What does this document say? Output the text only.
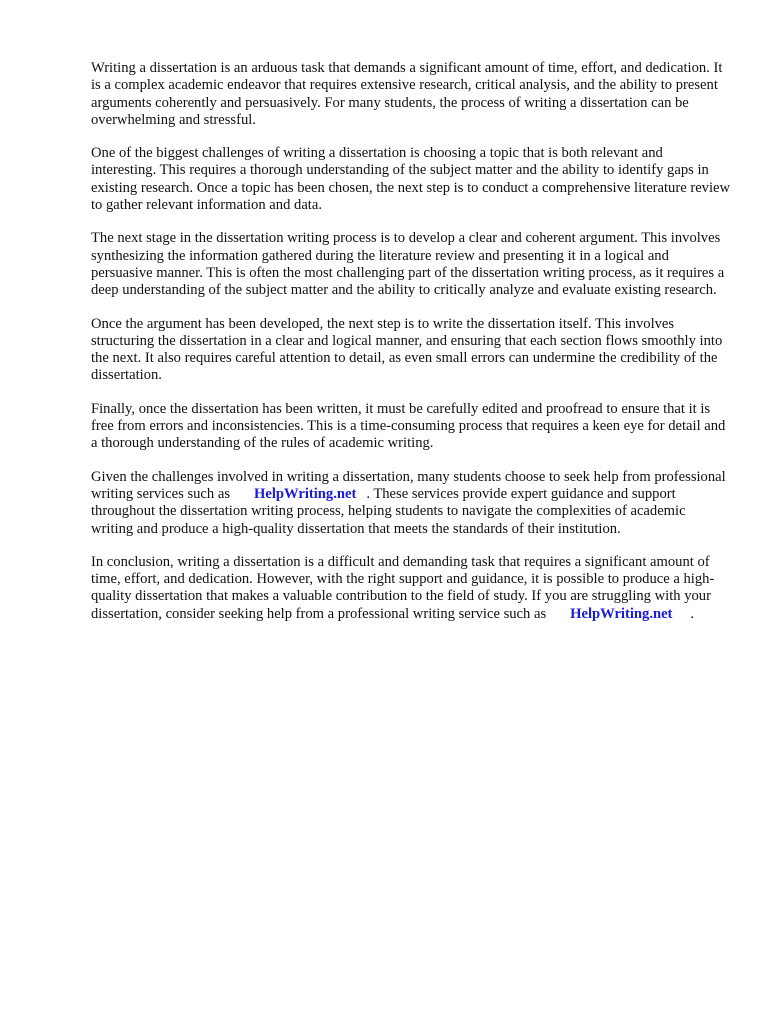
Writing a dissertation is an arduous task that demands a significant amount of time, effort, and dedication. It is a complex academic endeavor that requires extensive research, critical analysis, and the ability to present arguments coherently and persuasively. For many students, the process of writing a dissertation can be overwhelming and stressful.

One of the biggest challenges of writing a dissertation is choosing a topic that is both relevant and interesting. This requires a thorough understanding of the subject matter and the ability to identify gaps in existing research. Once a topic has been chosen, the next step is to conduct a comprehensive literature review to gather relevant information and data.

The next stage in the dissertation writing process is to develop a clear and coherent argument. This involves synthesizing the information gathered during the literature review and presenting it in a logical and persuasive manner. This is often the most challenging part of the dissertation writing process, as it requires a deep understanding of the subject matter and the ability to critically analyze and evaluate existing research.

Once the argument has been developed, the next step is to write the dissertation itself. This involves structuring the dissertation in a clear and logical manner, and ensuring that each section flows smoothly into the next. It also requires careful attention to detail, as even small errors can undermine the credibility of the dissertation.

Finally, once the dissertation has been written, it must be carefully edited and proofread to ensure that it is free from errors and inconsistencies. This is a time-consuming process that requires a keen eye for detail and a thorough understanding of the rules of academic writing.

Given the challenges involved in writing a dissertation, many students choose to seek help from professional writing services such as HelpWriting.net . These services provide expert guidance and support throughout the dissertation writing process, helping students to navigate the complexities of academic writing and produce a high-quality dissertation that meets the standards of their institution.

In conclusion, writing a dissertation is a difficult and demanding task that requires a significant amount of time, effort, and dedication. However, with the right support and guidance, it is possible to produce a high-quality dissertation that makes a valuable contribution to the field of study. If you are struggling with your dissertation, consider seeking help from a professional writing service such as HelpWriting.net .
